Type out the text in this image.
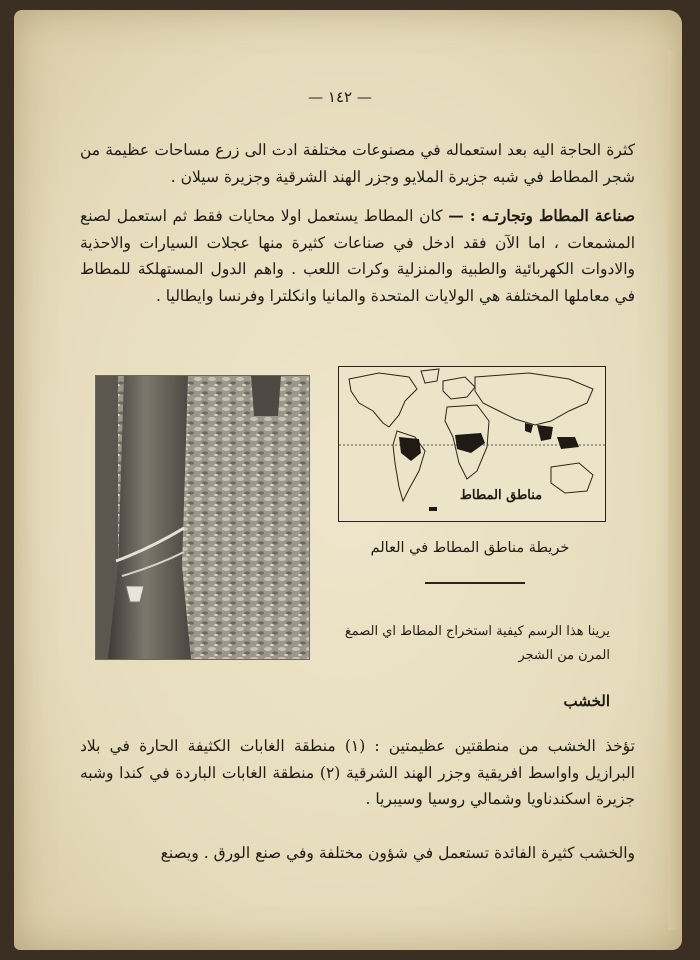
— ١٤٢ —
كثرة الحاجة اليه بعد استعماله في مصنوعات مختلفة ادت الى زرع مساحات عظيمة من شجر المطاط في شبه جزيرة الملايو وجزر الهند الشرقية وجزيرة سيلان .
صناعة المطاط وتجارتـه : — كان المطاط يستعمل اولا محايات فقط ثم استعمل لصنع المشمعات ، اما الآن فقد ادخل في صناعات كثيرة منها عجلات السيارات والاحذية والادوات الكهربائية والطبية والمنزلية وكرات اللعب . واهم الدول المستهلكة للمطاط في معاملها المختلفة هي الولايات المتحدة والمانيا وانكلترا وفرنسا وايطاليا .
مناطق المطاط
خريطة مناطق المطاط في العالم
يرينا هذا الرسم كيفية استخراج المطاط اي الصمغ المرن من الشجر
الخشب
تؤخذ الخشب من منطقتين عظيمتين : (١) منطقة الغابات الكثيفة الحارة في بلاد البرازيل واواسط افريقية وجزر الهند الشرقية (٢) منطقة الغابات الباردة في كندا وشبه جزيرة اسكندناويا وشمالي روسيا وسيبريا .
والخشب كثيرة الفائدة تستعمل في شؤون مختلفة وفي صنع الورق . ويصنع
